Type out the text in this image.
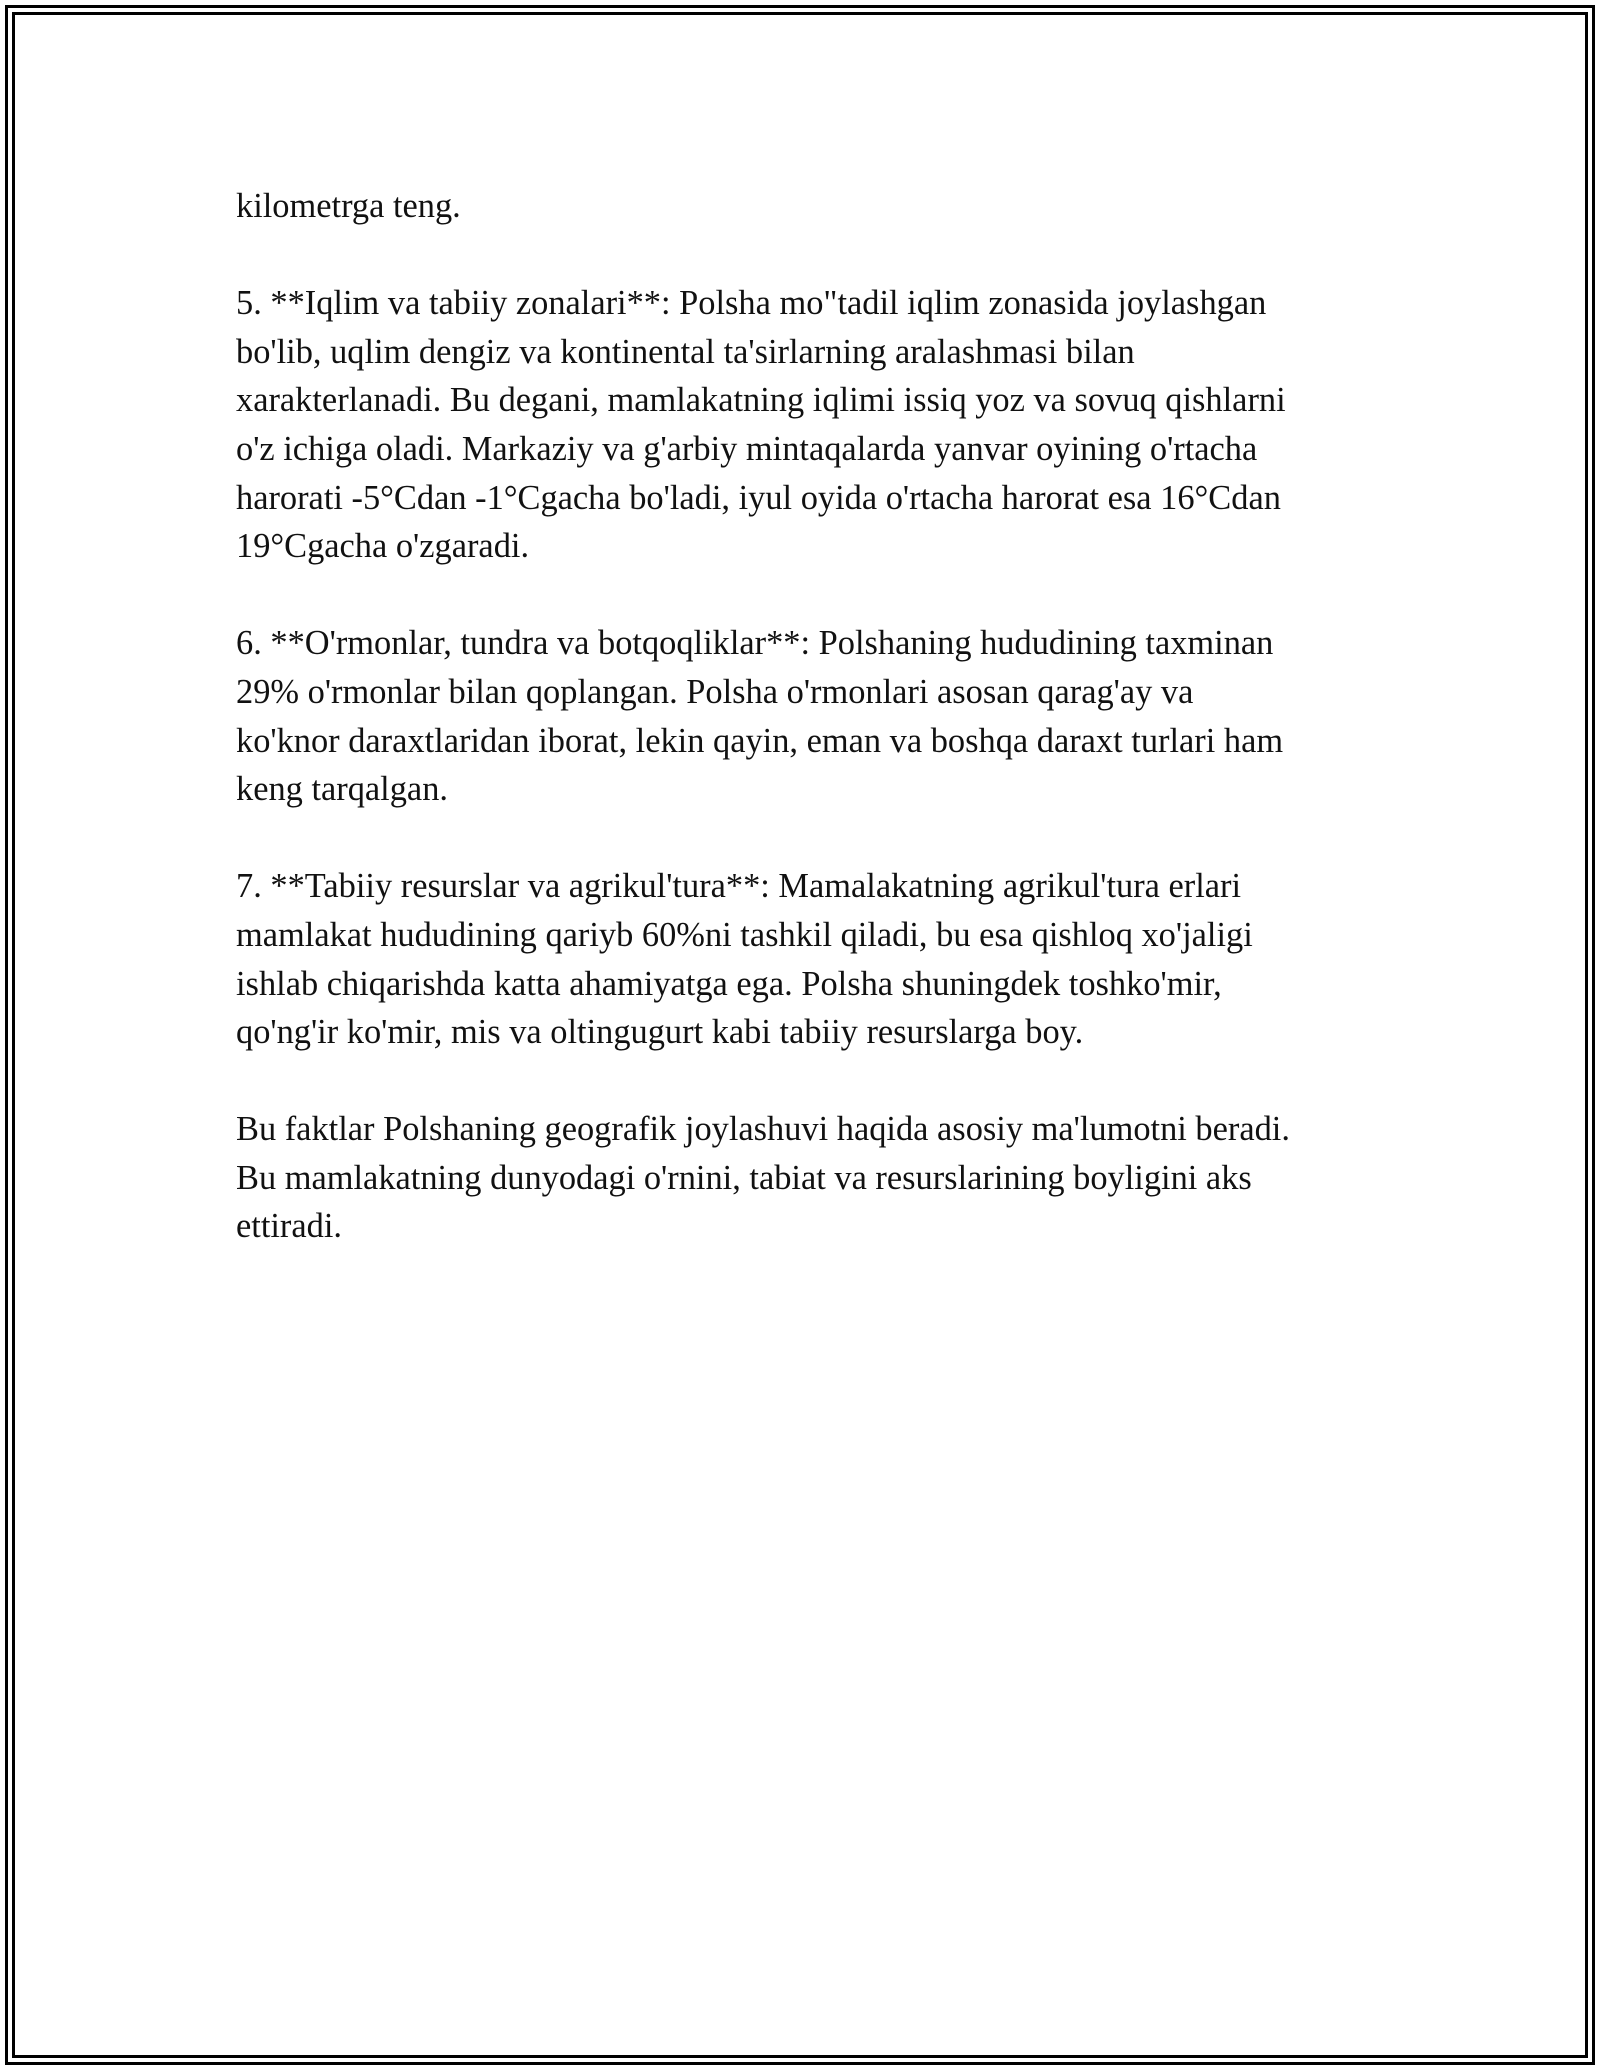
kilometrga teng.

5. **Iqlim va tabiiy zonalari**: Polsha mo"tadil iqlim zonasida joylashgan
bo'lib, uqlim dengiz va kontinental ta'sirlarning aralashmasi bilan
xarakterlanadi. Bu degani, mamlakatning iqlimi issiq yoz va sovuq qishlarni
o'z ichiga oladi. Markaziy va g'arbiy mintaqalarda yanvar oyining o'rtacha
harorati -5°Cdan -1°Cgacha bo'ladi, iyul oyida o'rtacha harorat esa 16°Cdan
19°Cgacha o'zgaradi.

6. **O'rmonlar, tundra va botqoqliklar**: Polshaning hududining taxminan
29% o'rmonlar bilan qoplangan. Polsha o'rmonlari asosan qarag'ay va
ko'knor daraxtlaridan iborat, lekin qayin, eman va boshqa daraxt turlari ham
keng tarqalgan.

7. **Tabiiy resurslar va agrikul'tura**: Mamalakatning agrikul'tura erlari
mamlakat hududining qariyb 60%ni tashkil qiladi, bu esa qishloq xo'jaligi
ishlab chiqarishda katta ahamiyatga ega. Polsha shuningdek toshko'mir,
qo'ng'ir ko'mir, mis va oltingugurt kabi tabiiy resurslarga boy.

Bu faktlar Polshaning geografik joylashuvi haqida asosiy ma'lumotni beradi.
Bu mamlakatning dunyodagi o'rnini, tabiat va resurslarining boyligini aks
ettiradi.
